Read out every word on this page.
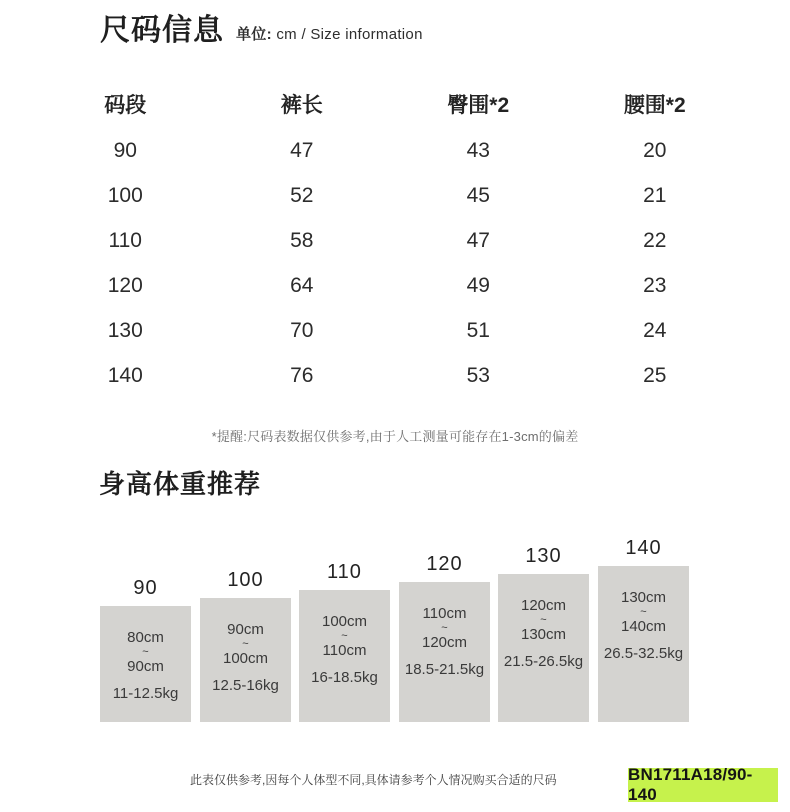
尺码信息 单位: cm / Size information
码段	裤长	臀围*2	腰围*2
90	47	43	20
100	52	45	21
110	58	47	22
120	64	49	23
130	70	51	24
140	76	53	25
*提醒:尺码表数据仅供参考,由于人工测量可能存在1-3cm的偏差
身高体重推荐
90
80cm
~
90cm
11-12.5kg
100
90cm
~
100cm
12.5-16kg
110
100cm
~
110cm
16-18.5kg
120
110cm
~
120cm
18.5-21.5kg
130
120cm
~
130cm
21.5-26.5kg
140
130cm
~
140cm
26.5-32.5kg
此表仅供参考,因每个人体型不同,具体请参考个人情况购买合适的尺码	BN1711A18/90-140
